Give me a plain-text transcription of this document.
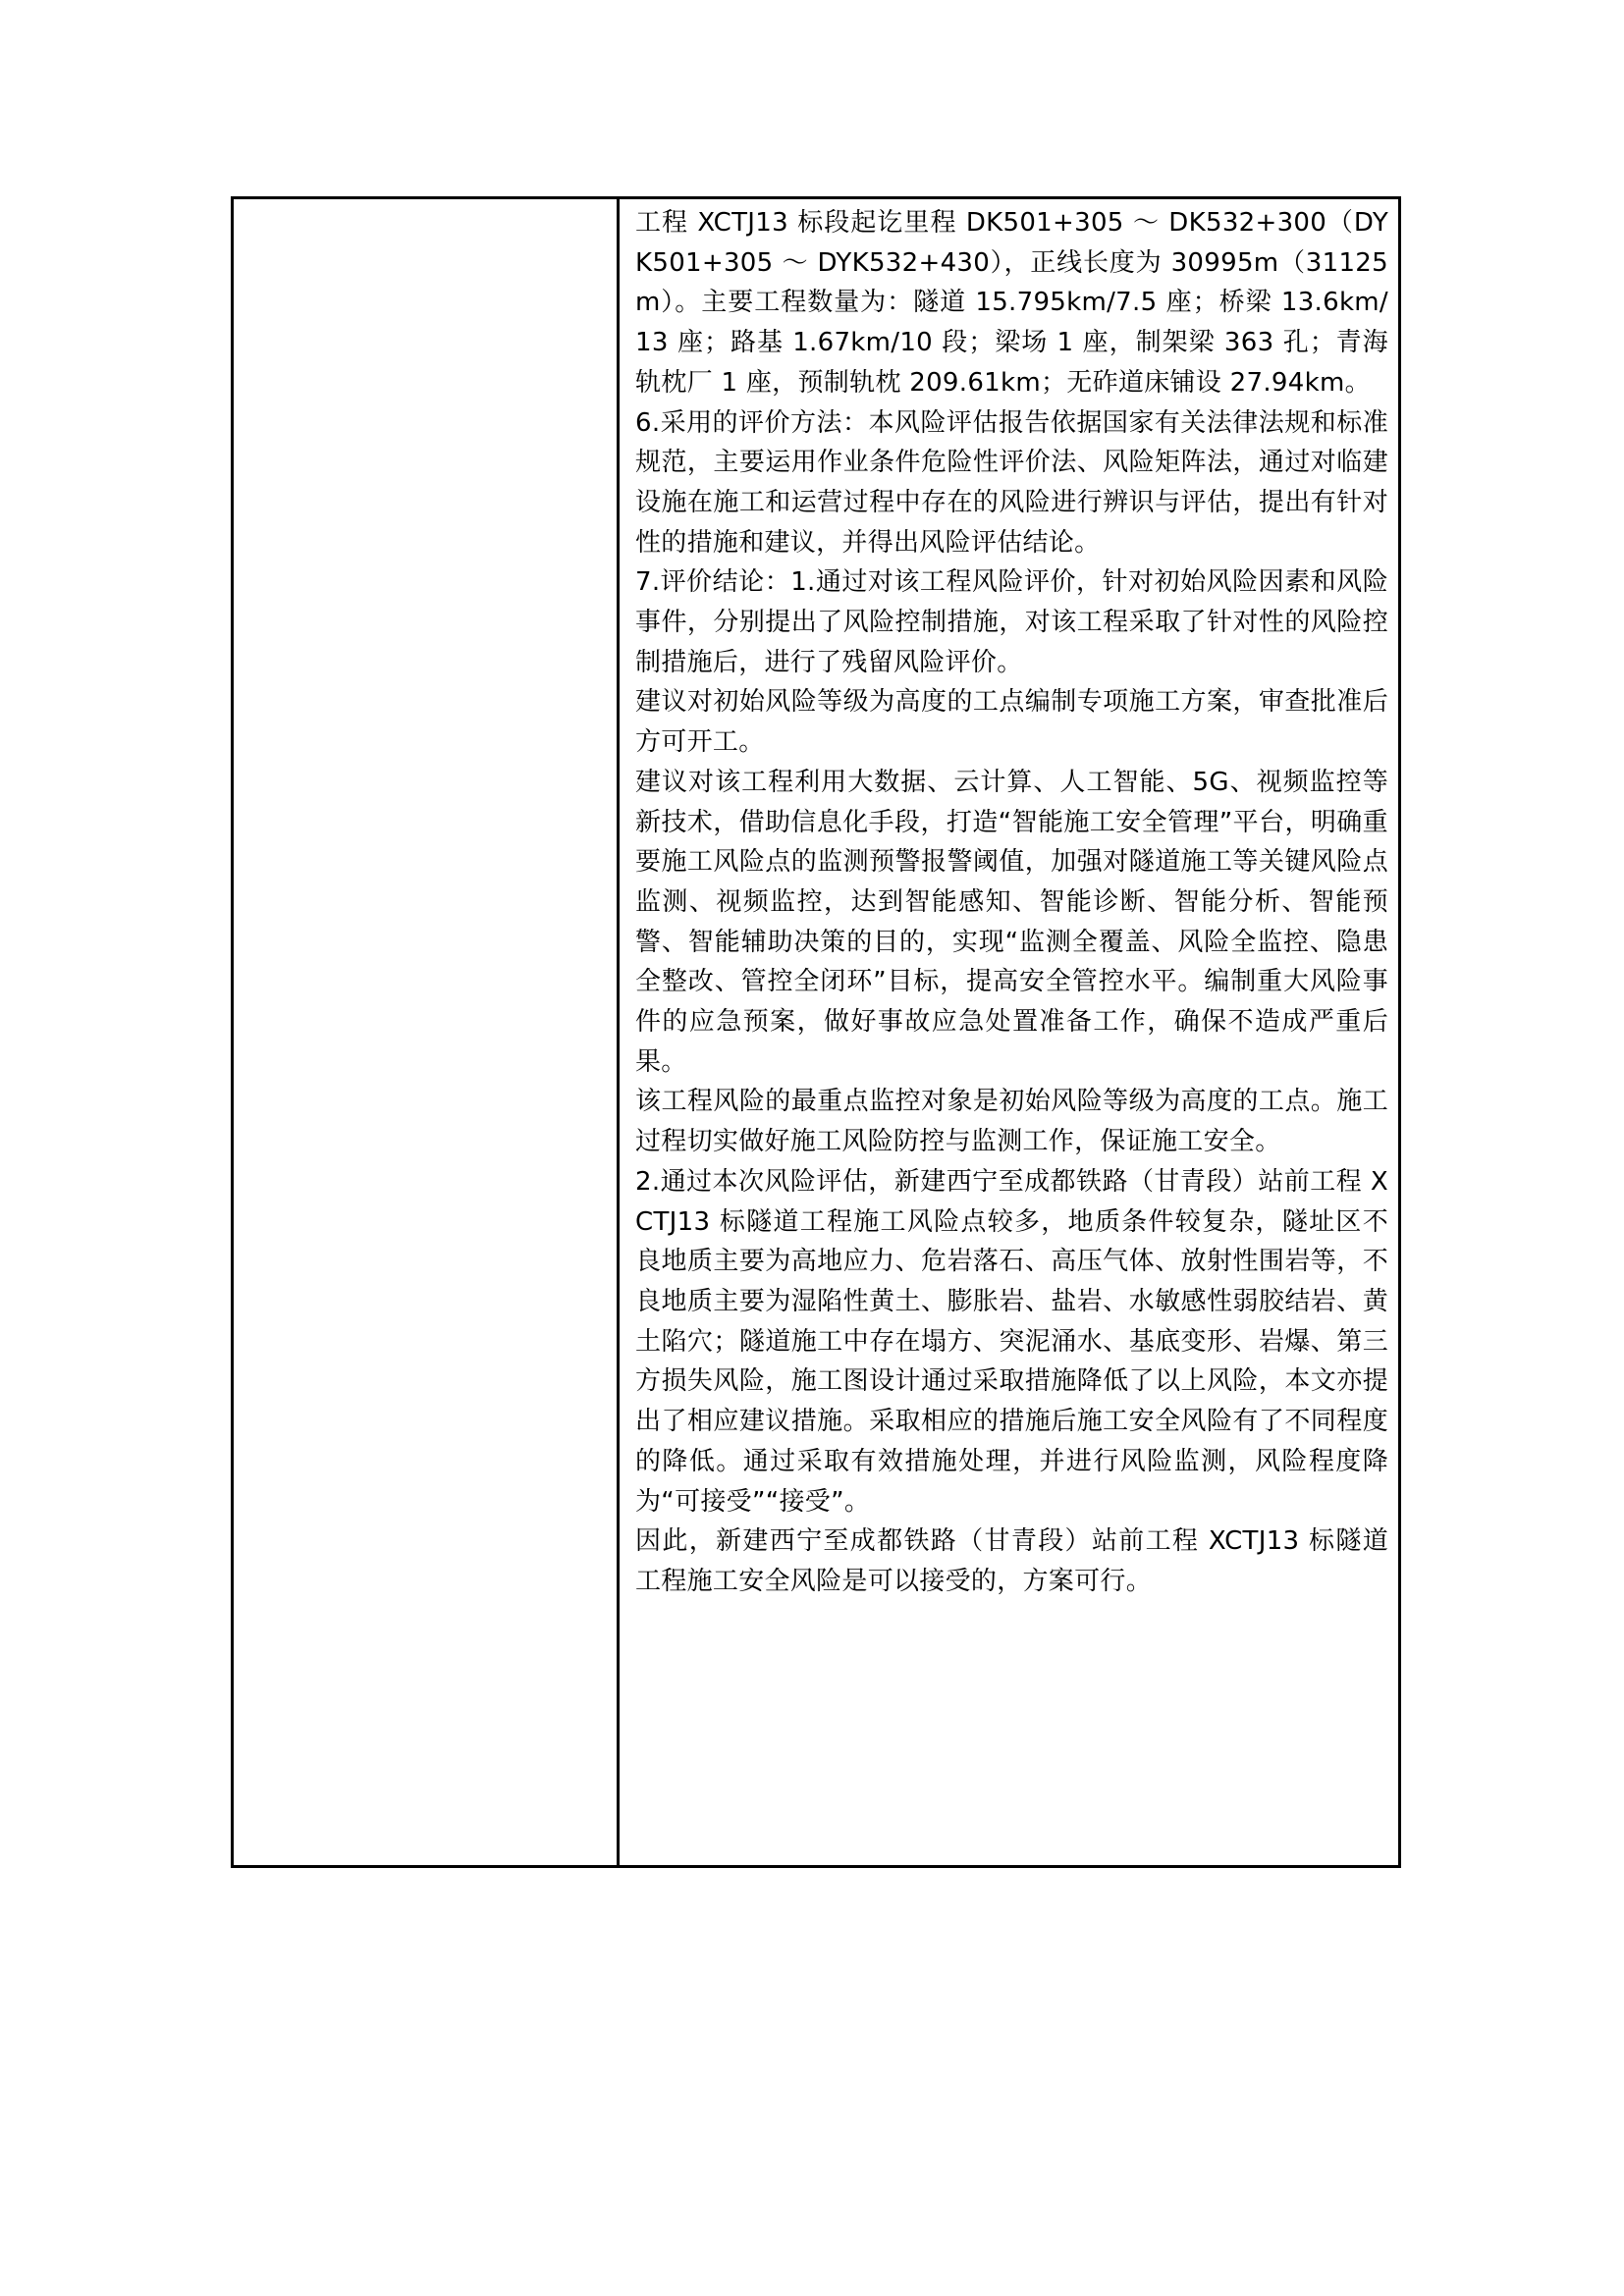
工程 XCTJ13 标段起讫里程 DK501+305 ～ DK532+300（DYK501+305 ～ DYK532+430），正线长度为 30995m（31125m）。主要工程数量为：隧道 15.795km/7.5 座；桥梁 13.6km/13 座；路基 1.67km/10 段；梁场 1 座，制架梁 363 孔；青海轨枕厂 1 座，预制轨枕 209.61km；无砟道床铺设 27.94km。

6.采用的评价方法：本风险评估报告依据国家有关法律法规和标准规范，主要运用作业条件危险性评价法、风险矩阵法，通过对临建设施在施工和运营过程中存在的风险进行辨识与评估，提出有针对性的措施和建议，并得出风险评估结论。

7.评价结论：1.通过对该工程风险评价，针对初始风险因素和风险事件，分别提出了风险控制措施，对该工程采取了针对性的风险控制措施后，进行了残留风险评价。

建议对初始风险等级为高度的工点编制专项施工方案，审查批准后方可开工。

建议对该工程利用大数据、云计算、人工智能、5G、视频监控等新技术，借助信息化手段，打造“智能施工安全管理”平台，明确重要施工风险点的监测预警报警阈值，加强对隧道施工等关键风险点监测、视频监控，达到智能感知、智能诊断、智能分析、智能预警、智能辅助决策的目的，实现“监测全覆盖、风险全监控、隐患全整改、管控全闭环”目标，提高安全管控水平。编制重大风险事件的应急预案，做好事故应急处置准备工作，确保不造成严重后果。

该工程风险的最重点监控对象是初始风险等级为高度的工点。施工过程切实做好施工风险防控与监测工作，保证施工安全。

2.通过本次风险评估，新建西宁至成都铁路（甘青段）站前工程 XCTJ13 标隧道工程施工风险点较多，地质条件较复杂，隧址区不良地质主要为高地应力、危岩落石、高压气体、放射性围岩等，不良地质主要为湿陷性黄土、膨胀岩、盐岩、水敏感性弱胶结岩、黄土陷穴；隧道施工中存在塌方、突泥涌水、基底变形、岩爆、第三方损失风险，施工图设计通过采取措施降低了以上风险，本文亦提出了相应建议措施。采取相应的措施后施工安全风险有了不同程度的降低。通过采取有效措施处理，并进行风险监测，风险程度降为“可接受”“接受”。

因此，新建西宁至成都铁路（甘青段）站前工程 XCTJ13 标隧道工程施工安全风险是可以接受的，方案可行。
